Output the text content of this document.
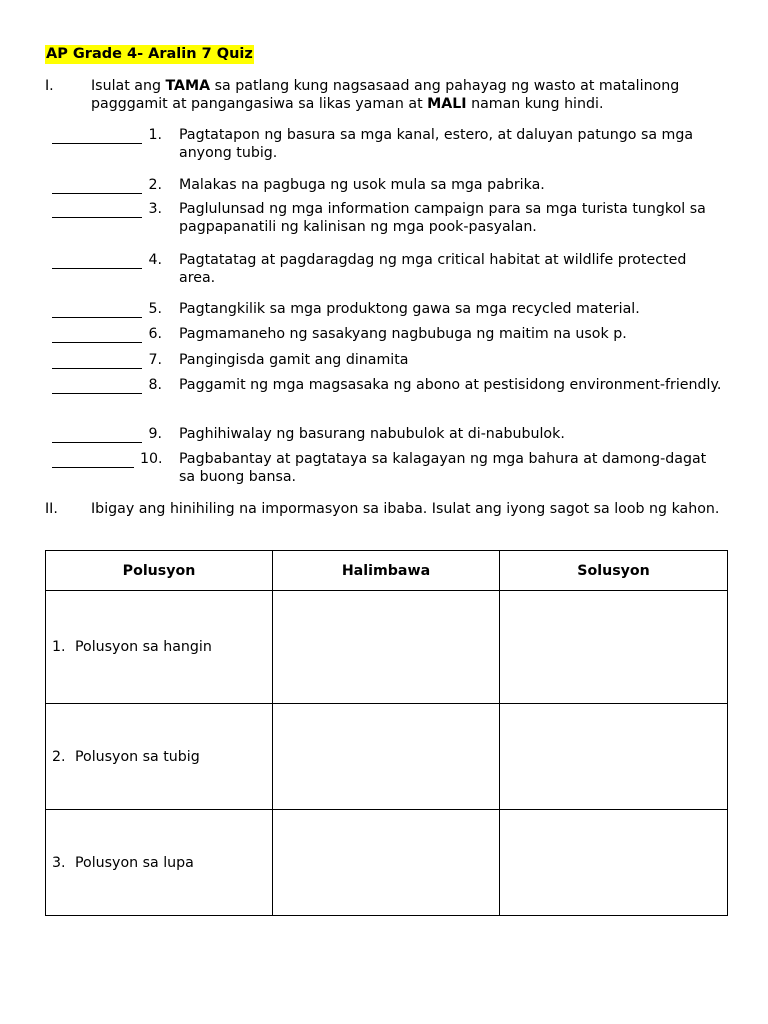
AP Grade 4- Aralin 7 Quiz
I.	Isulat ang TAMA sa patlang kung nagsasaad ang pahayag ng wasto at matalinong pagggamit at pangangasiwa sa likas yaman at MALI naman kung hindi.
1. Pagtatapon ng basura sa mga kanal, estero, at daluyan patungo sa mga anyong tubig.
2. Malakas na pagbuga ng usok mula sa mga pabrika.
3. Paglulunsad ng mga information campaign para sa mga turista tungkol sa pagpapanatili ng kalinisan ng mga pook-pasyalan.
4. Pagtatatag at pagdaragdag ng mga critical habitat at wildlife protected area.
5. Pagtangkilik sa mga produktong gawa sa mga recycled material.
6. Pagmamaneho ng sasakyang nagbubuga ng maitim na usok p.
7. Pangingisda gamit ang dinamita
8. Paggamit ng mga magsasaka ng abono at pestisidong environment-friendly.
9. Paghihiwalay ng basurang nabubulok at di-nabubulok.
10. Pagbabantay at pagtataya sa kalagayan ng mga bahura at damong-dagat sa buong bansa.
II. Ibigay ang hinihiling na impormasyon sa ibaba. Isulat ang iyong sagot sa loob ng kahon.
Polusyon	Halimbawa	Solusyon
1. Polusyon sa hangin		
2. Polusyon sa tubig		
3. Polusyon sa lupa		
